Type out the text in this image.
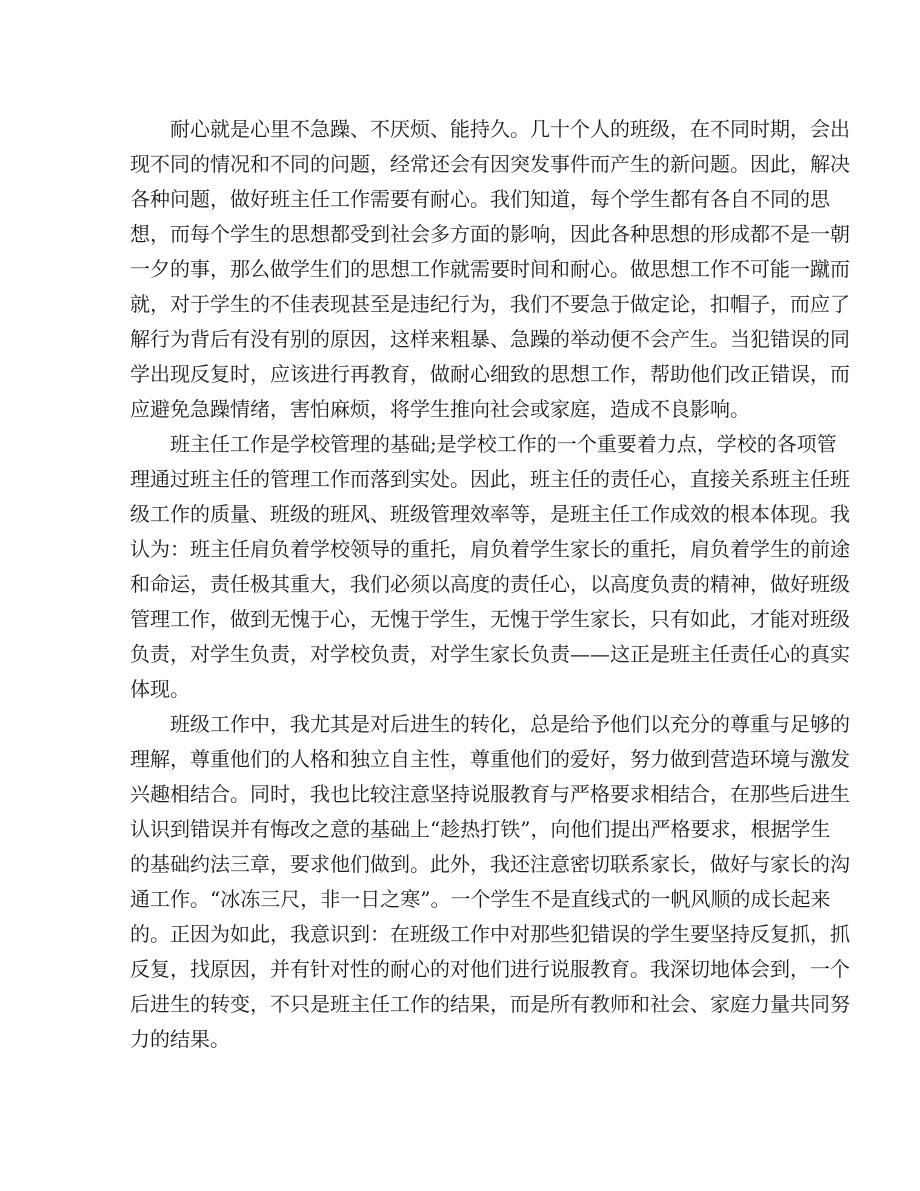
耐心就是心里不急躁、不厌烦、能持久。几十个人的班级，在不同时期，会出
现不同的情况和不同的问题，经常还会有因突发事件而产生的新问题。因此，解决
各种问题，做好班主任工作需要有耐心。我们知道，每个学生都有各自不同的思
想，而每个学生的思想都受到社会多方面的影响，因此各种思想的形成都不是一朝
一夕的事，那么做学生们的思想工作就需要时间和耐心。做思想工作不可能一蹴而
就，对于学生的不佳表现甚至是违纪行为，我们不要急于做定论，扣帽子，而应了
解行为背后有没有别的原因，这样来粗暴、急躁的举动便不会产生。当犯错误的同
学出现反复时，应该进行再教育，做耐心细致的思想工作，帮助他们改正错误，而
应避免急躁情绪，害怕麻烦，将学生推向社会或家庭，造成不良影响。
班主任工作是学校管理的基础;是学校工作的一个重要着力点，学校的各项管
理通过班主任的管理工作而落到实处。因此，班主任的责任心，直接关系班主任班
级工作的质量、班级的班风、班级管理效率等，是班主任工作成效的根本体现。我
认为：班主任肩负着学校领导的重托，肩负着学生家长的重托，肩负着学生的前途
和命运，责任极其重大，我们必须以高度的责任心，以高度负责的精神，做好班级
管理工作，做到无愧于心，无愧于学生，无愧于学生家长，只有如此，才能对班级
负责，对学生负责，对学校负责，对学生家长负责——这正是班主任责任心的真实
体现。
班级工作中，我尤其是对后进生的转化，总是给予他们以充分的尊重与足够的
理解，尊重他们的人格和独立自主性，尊重他们的爱好，努力做到营造环境与激发
兴趣相结合。同时，我也比较注意坚持说服教育与严格要求相结合，在那些后进生
认识到错误并有悔改之意的基础上“趁热打铁”，向他们提出严格要求，根据学生
的基础约法三章，要求他们做到。此外，我还注意密切联系家长，做好与家长的沟
通工作。“冰冻三尺，非一日之寒”。一个学生不是直线式的一帆风顺的成长起来
的。正因为如此，我意识到：在班级工作中对那些犯错误的学生要坚持反复抓，抓
反复，找原因，并有针对性的耐心的对他们进行说服教育。我深切地体会到，一个
后进生的转变，不只是班主任工作的结果，而是所有教师和社会、家庭力量共同努
力的结果。
